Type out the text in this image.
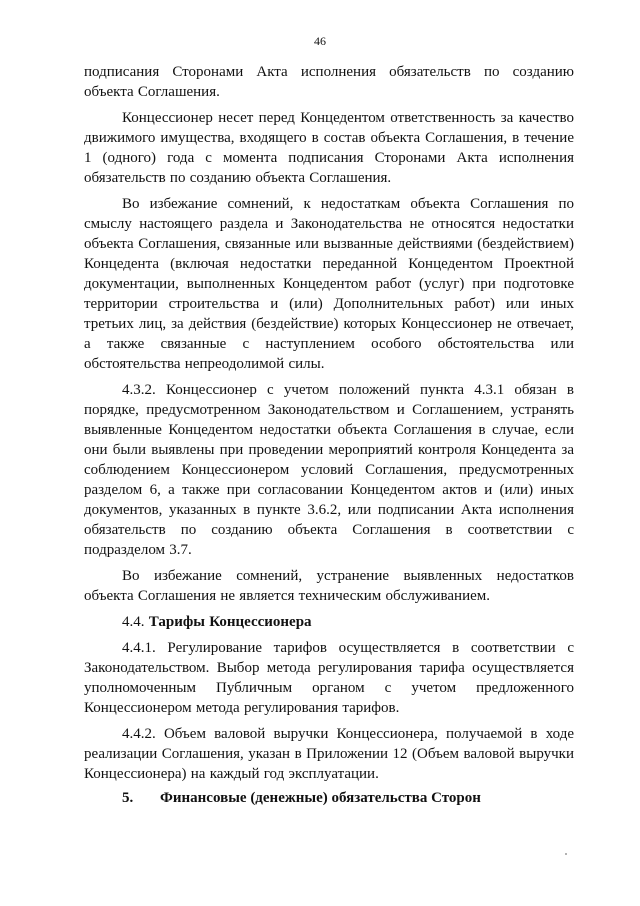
46

подписания Сторонами Акта исполнения обязательств по созданию объекта Соглашения.

Концессионер несет перед Концедентом ответственность за качество движимого имущества, входящего в состав объекта Соглашения, в течение 1 (одного) года с момента подписания Сторонами Акта исполнения обязательств по созданию объекта Соглашения.

Во избежание сомнений, к недостаткам объекта Соглашения по смыслу настоящего раздела и Законодательства не относятся недостатки объекта Соглашения, связанные или вызванные действиями (бездействием) Концедента (включая недостатки переданной Концедентом Проектной документации, выполненных Концедентом работ (услуг) при подготовке территории строительства и (или) Дополнительных работ) или иных третьих лиц, за действия (бездействие) которых Концессионер не отвечает, а также связанные с наступлением особого обстоятельства или обстоятельства непреодолимой силы.

4.3.2. Концессионер с учетом положений пункта 4.3.1 обязан в порядке, предусмотренном Законодательством и Соглашением, устранять выявленные Концедентом недостатки объекта Соглашения в случае, если они были выявлены при проведении мероприятий контроля Концедента за соблюдением Концессионером условий Соглашения, предусмотренных разделом 6, а также при согласовании Концедентом актов и (или) иных документов, указанных в пункте 3.6.2, или подписании Акта исполнения обязательств по созданию объекта Соглашения в соответствии с подразделом 3.7.

Во избежание сомнений, устранение выявленных недостатков объекта Соглашения не является техническим обслуживанием.

4.4. Тарифы Концессионера

4.4.1. Регулирование тарифов осуществляется в соответствии с Законодательством. Выбор метода регулирования тарифа осуществляется уполномоченным Публичным органом с учетом предложенного Концессионером метода регулирования тарифов.

4.4.2. Объем валовой выручки Концессионера, получаемой в ходе реализации Соглашения, указан в Приложении 12 (Объем валовой выручки Концессионера) на каждый год эксплуатации.

5.	Финансовые (денежные) обязательства Сторон
